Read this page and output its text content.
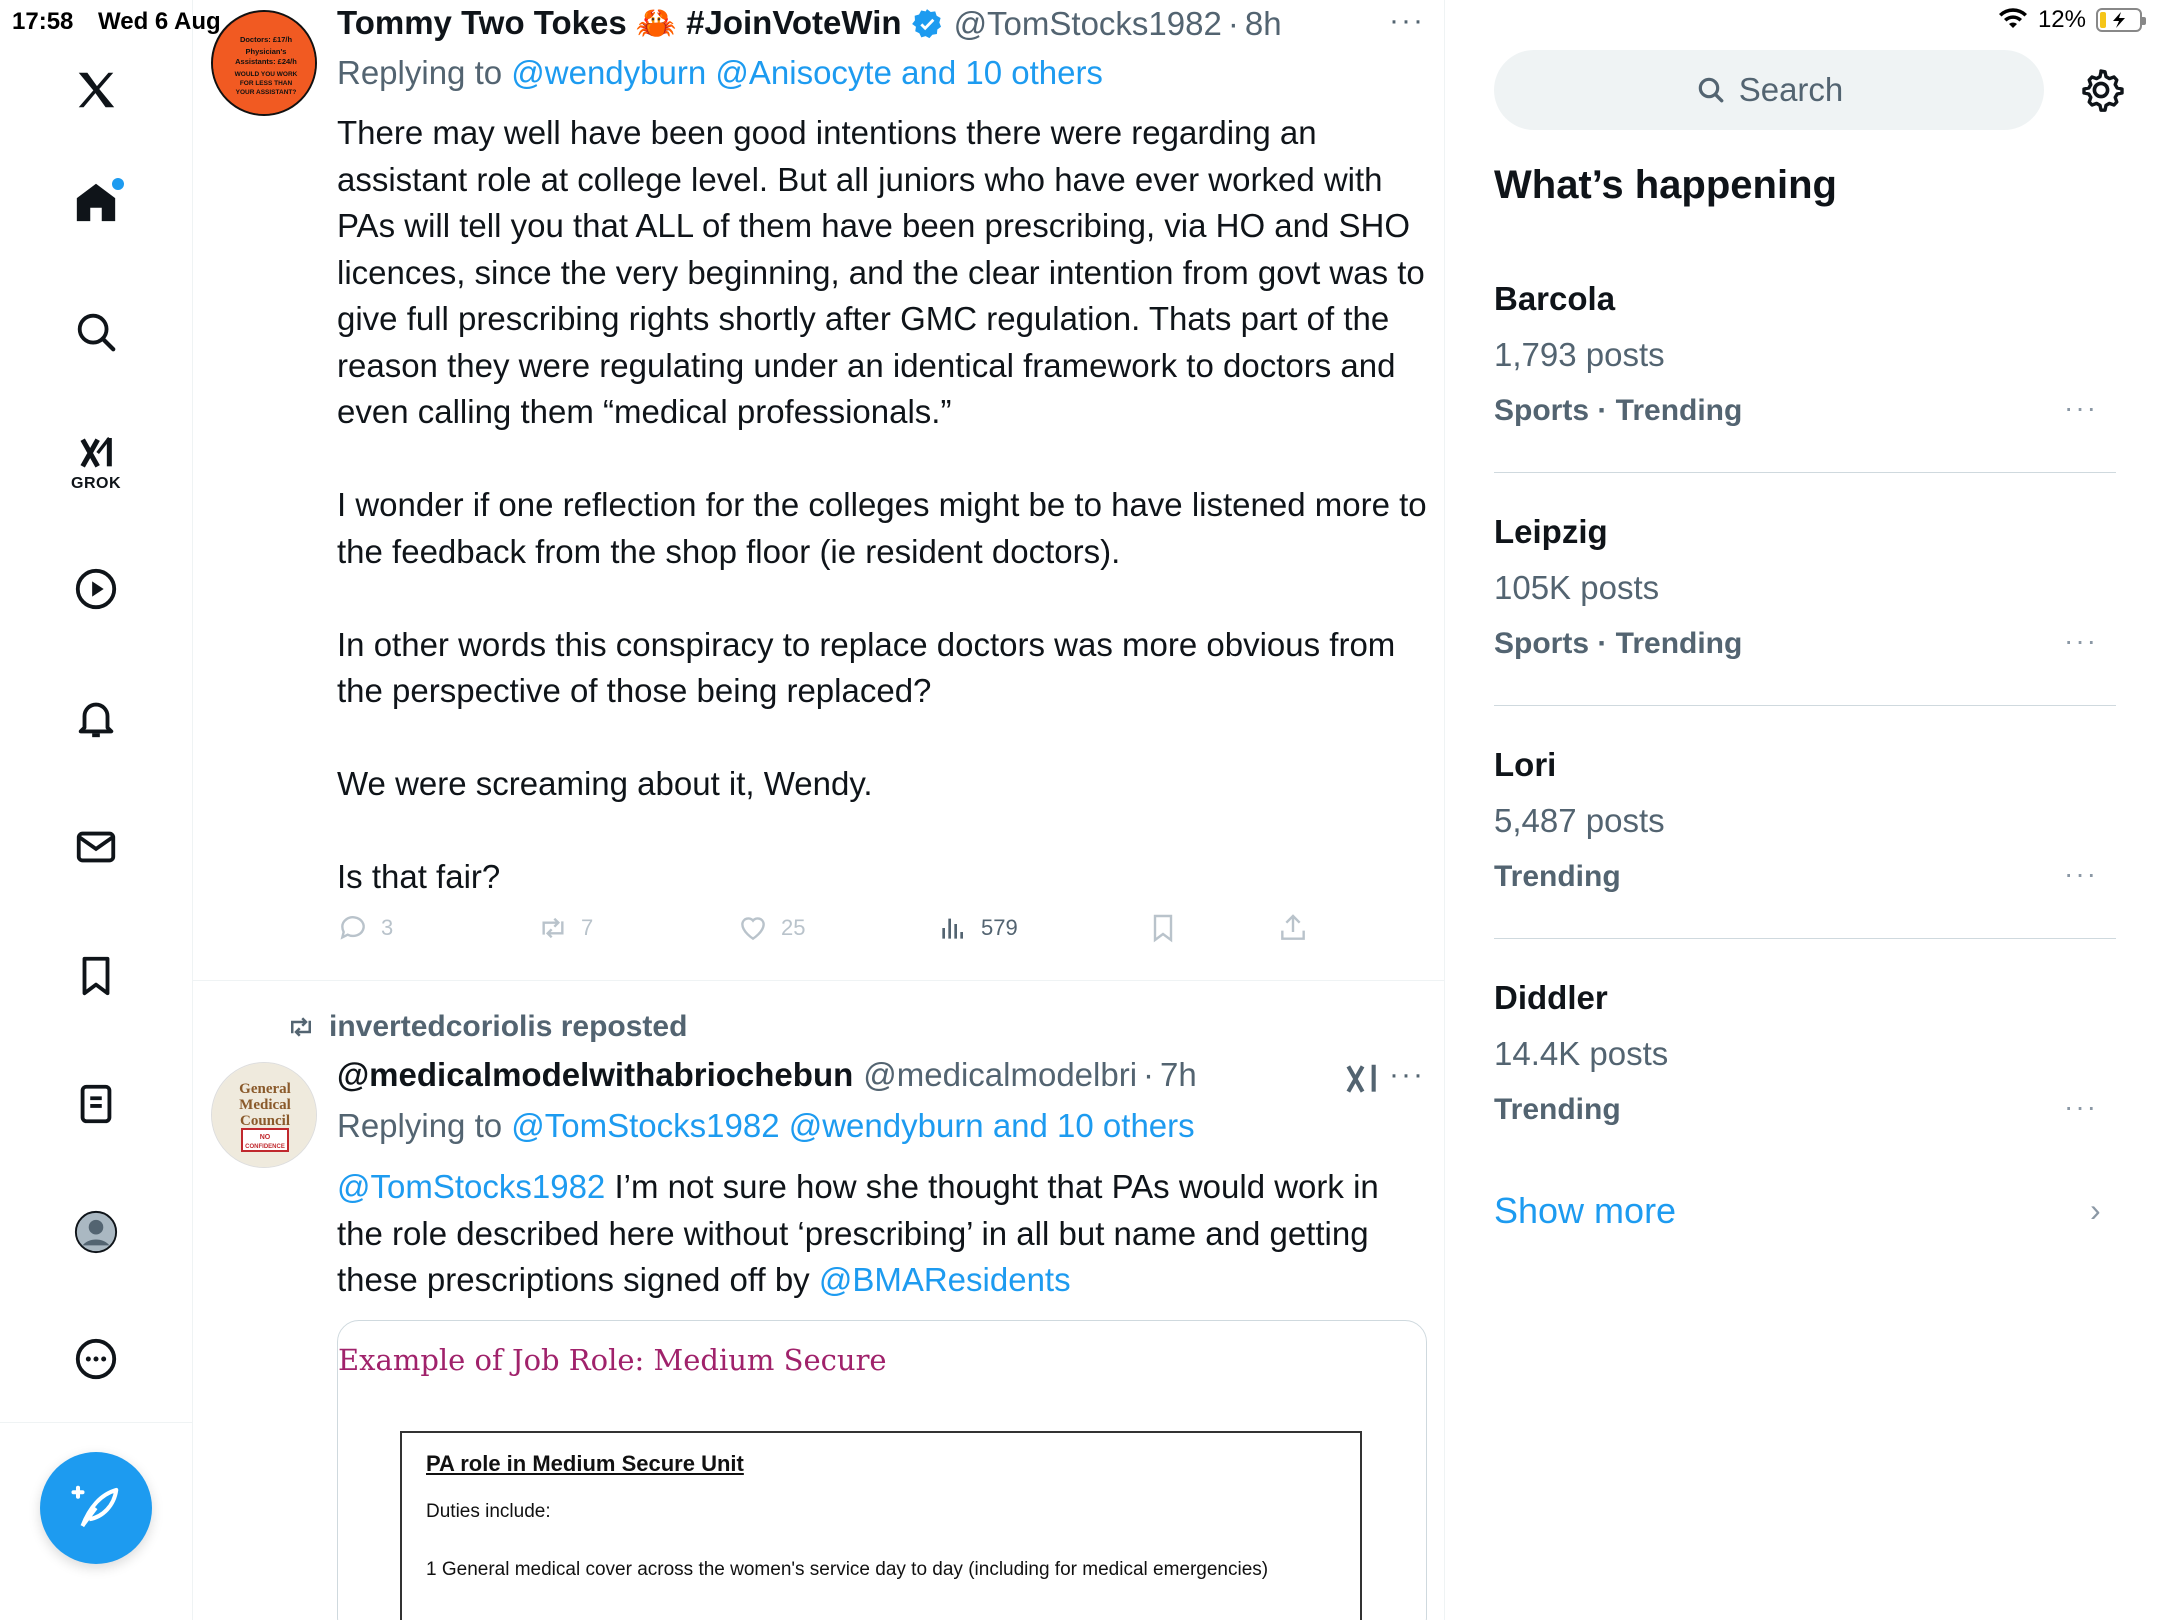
17:58 Wed 6 Aug	12%
GROK
Doctors: £17/h
Physician's
Assistants: £24/h
WOULD YOU WORK
FOR LESS THAN
YOUR ASSISTANT?
Tommy Two Tokes 🦀 #JoinVoteWin @TomStocks1982 · 8h	···
Replying to @wendyburn @Anisocyte and 10 others

There may well have been good intentions there were regarding an assistant role at college level. But all juniors who have ever worked with PAs will tell you that ALL of them have been prescribing, via HO and SHO licences, since the very beginning, and the clear intention from govt was to give full prescribing rights shortly after GMC regulation. Thats part of the reason they were regulating under an identical framework to doctors and even calling them “medical professionals.”

I wonder if one reflection for the colleges might be to have listened more to the feedback from the shop floor (ie resident doctors).

In other words this conspiracy to replace doctors was more obvious from the perspective of those being replaced?

We were screaming about it, Wendy.

Is that fair?

3	7	25	579
invertedcoriolis reposted
General
Medical
Council
NO
CONFIDENCE
@medicalmodelwithabriochebun @medicalmodelbri · 7h	···
Replying to @TomStocks1982 @wendyburn and 10 others
@TomStocks1982 I’m not sure how she thought that PAs would work in the role described here without ‘prescribing’ in all but name and getting these prescriptions signed off by @BMAResidents
Example of Job Role: Medium Secure
PA role in Medium Secure Unit
Duties include:
1 General medical cover across the women's service day to day (including for medical emergencies)
Search
What’s happening
Barcola
1,793 posts
Sports · Trending	···
Leipzig
105K posts
Sports · Trending	···
Lori
5,487 posts
Trending	···
Diddler
14.4K posts
Trending	···
Show more	›
